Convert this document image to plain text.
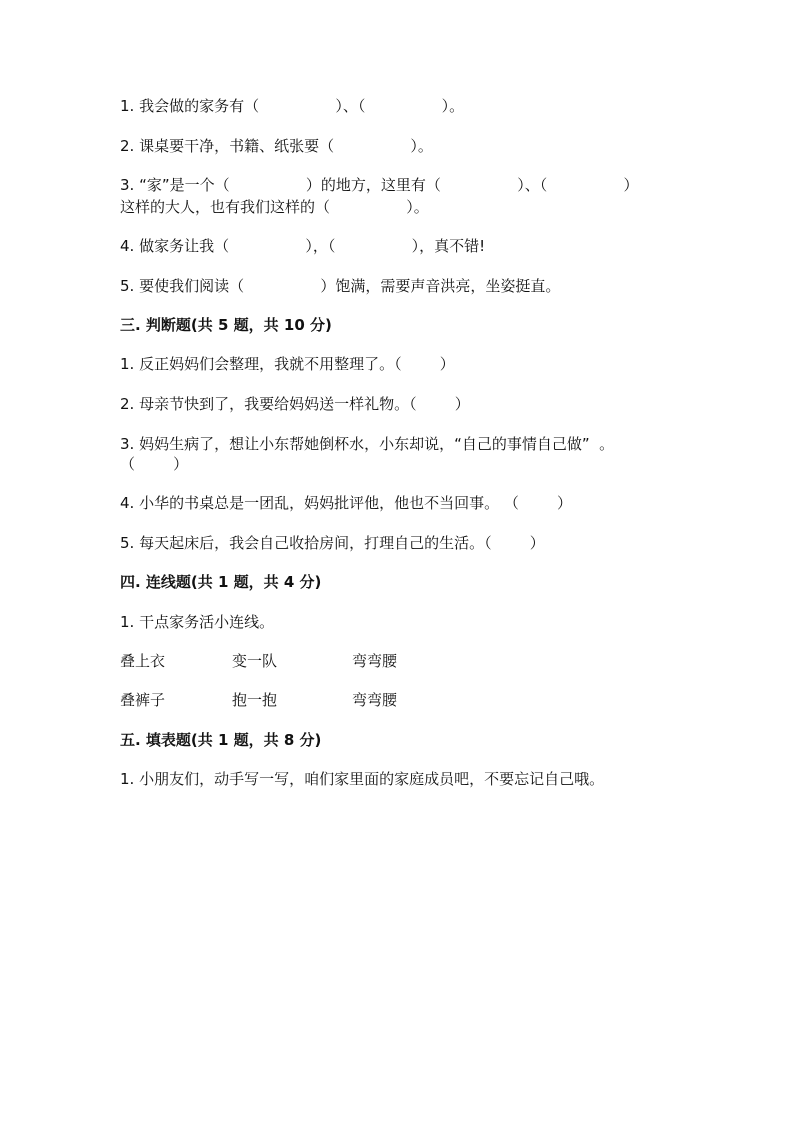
1. 我会做的家务有（                ）、（                ）。
2. 课桌要干净，书籍、纸张要（                ）。
3. “家”是一个（                ）的地方，这里有（                ）、（                ）
这样的大人，也有我们这样的（                ）。
4. 做家务让我（                ），（                ），真不错!
5. 要使我们阅读（                ）饱满，需要声音洪亮，坐姿挺直。
三. 判断题(共 5 题，共 10 分)
1. 反正妈妈们会整理，我就不用整理了。（        ）
2. 母亲节快到了，我要给妈妈送一样礼物。（        ）
3. 妈妈生病了，想让小东帮她倒杯水，小东却说，“自己的事情自己做”  。
（        ）
4. 小华的书桌总是一团乱，妈妈批评他，他也不当回事。 （        ）
5. 每天起床后，我会自己收拾房间，打理自己的生活。（        ）
四. 连线题(共 1 题，共 4 分)
1. 干点家务活小连线。
叠上衣	变一队	弯弯腰
叠裤子	抱一抱	弯弯腰
五. 填表题(共 1 题，共 8 分)
1. 小朋友们，动手写一写，咱们家里面的家庭成员吧，不要忘记自己哦。
